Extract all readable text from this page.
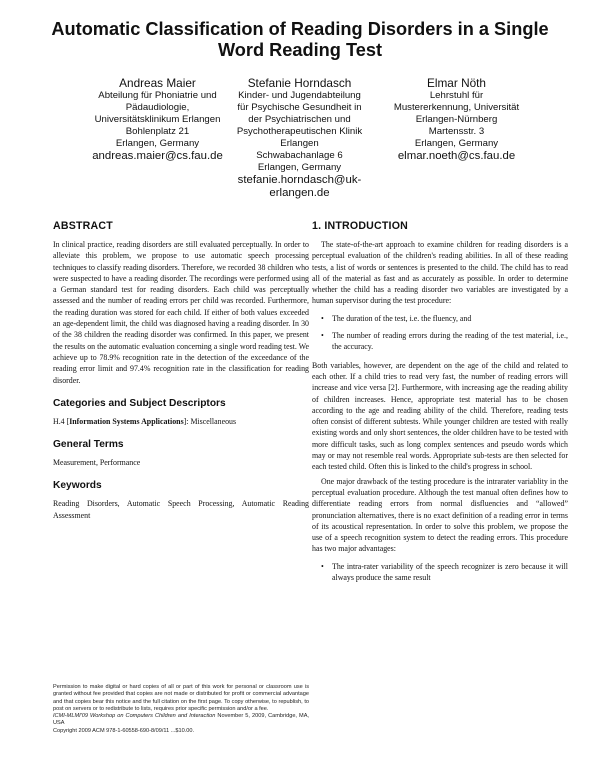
Automatic Classification of Reading Disorders in a Single Word Reading Test
Andreas Maier
Abteilung für Phoniatrie und
Pädaudiologie,
Universitätsklinikum Erlangen
Bohlenplatz 21
Erlangen, Germany
andreas.maier@cs.fau.de
Stefanie Horndasch
Kinder- und Jugendabteilung
für Psychische Gesundheit in
der Psychiatrischen und
Psychotherapeutischen Klinik
Erlangen
Schwabachanlage 6
Erlangen, Germany
stefanie.horndasch@uk-
erlangen.de
Elmar Nöth
Lehrstuhl für
Mustererkennung, Universität
Erlangen-Nürnberg
Martensstr. 3
Erlangen, Germany
elmar.noeth@cs.fau.de
ABSTRACT

In clinical practice, reading disorders are still evaluated perceptually. In order to alleviate this problem, we propose to use automatic speech processing techniques to classify reading disorders. Therefore, we recorded 38 children who were suspected to have a reading disorder. The recordings were performed using a German standard test for reading disorders. Each child was perceptually assessed and the number of reading errors per child was recorded. Furthermore, the reading duration was stored for each child. If either of both values exceeded an age-dependent limit, the child was diagnosed having a reading disorder. In 30 of the 38 children the reading disorder was confirmed. In this paper, we present the results on the automatic evaluation concerning a single word reading test. We achieve up to 78.9% recognition rate in the detection of the exceedance of the reading error limit and 97.4% recognition rate in the classification for reading disorder.

Categories and Subject Descriptors

H.4 [Information Systems Applications]: Miscellaneous

General Terms

Measurement, Performance

Keywords

Reading Disorders, Automatic Speech Processing, Automatic Reading Assessment

Permission to make digital or hard copies of all or part of this work for personal or classroom use is granted without fee provided that copies are not made or distributed for profit or commercial advantage and that copies bear this notice and the full citation on the first page. To copy otherwise, to republish, to post on servers or to redistribute to lists, requires prior specific permission and/or a fee.
ICMI-MLMI'09 Workshop on Computers Children and Interaction November 5, 2009, Cambridge, MA, USA
Copyright 2009 ACM 978-1-60558-690-8/09/11 ...$10.00.
1. INTRODUCTION

The state-of-the-art approach to examine children for reading disorders is a perceptual evaluation of the children's reading abilities. In all of these reading tests, a list of words or sentences is presented to the child. The child has to read all of the material as fast and as accurately as possible. In order to determine whether the child has a reading disorder two variables are investigated by a human supervisor during the test procedure:

• The duration of the test, i.e. the fluency, and
• The number of reading errors during the reading of the test material, i.e., the accuracy.

Both variables, however, are dependent on the age of the child and related to each other. If a child tries to read very fast, the number of reading errors will increase and vice versa [2]. Furthermore, with increasing age the reading ability of children increases. Hence, appropriate test material has to be chosen according to the age and reading ability of the child. Therefore, reading tests often consist of different subtests. While younger children are tested with really existing words and only short sentences, the older children have to be tested with more difficult tasks, such as long complex sentences and pseudo words which may or may not resemble real words. Appropriate sub-tests are then selected for each tested child. Often this is linked to the child's progress in school.

One major drawback of the testing procedure is the intrarater variablity in the perceptual evaluation procedure. Although the test manual often defines how to differentiate reading errors from normal disfluencies and “allowed” pronunciation alternatives, there is no exact definition of a reading error in terms of its acoustical representation. In order to solve this problem, we propose the use of a speech recognition system to detect the reading errors. This procedure has two major advantages:

• The intra-rater variability of the speech recognizer is zero because it will always produce the same result
